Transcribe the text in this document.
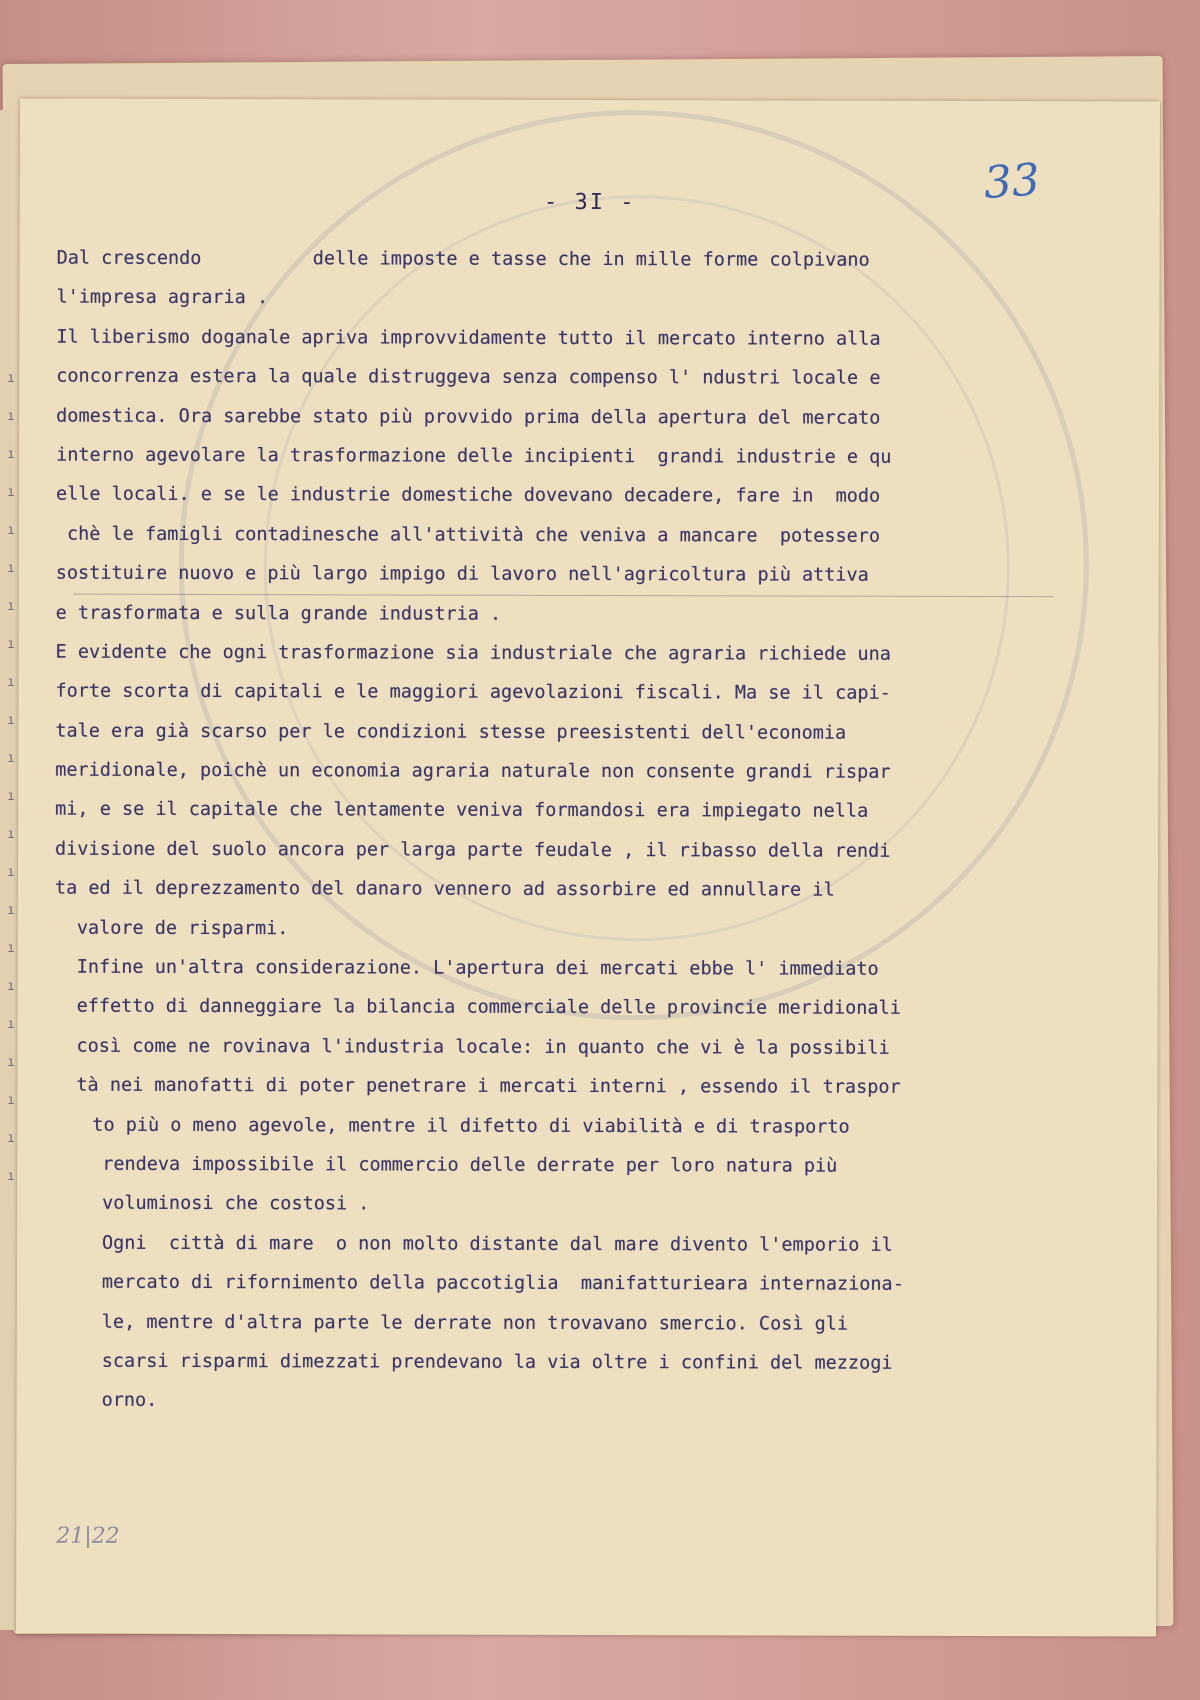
ı
ı
ı
ı
ı
ı
ı
ı
ı
ı
ı
ı
ı
ı
ı
ı
ı
ı
ı
ı
ı
ı
33
- 3I -
Dal crescendo          delle imposte e tasse che in mille forme colpivano
l'impresa agraria .
Il liberismo doganale apriva improvvidamente tutto il mercato interno alla
concorrenza estera la quale distruggeva senza compenso l' ndustri locale e
domestica. Ora sarebbe stato più provvido prima della apertura del mercato
interno agevolare la trasformazione delle incipienti  grandi industrie e qu
elle locali. e se le industrie domestiche dovevano decadere, fare in  modo
chè le famigli contadinesche all'attività che veniva a mancare  potessero
sostituire nuovo e più largo impigo di lavoro nell'agricoltura più attiva
e trasformata e sulla grande industria .
E evidente che ogni trasformazione sia industriale che agraria richiede una
forte scorta di capitali e le maggiori agevolazioni fiscali. Ma se il capi-
tale era già scarso per le condizioni stesse preesistenti dell'economia
meridionale, poichè un economia agraria naturale non consente grandi rispar
mi, e se il capitale che lentamente veniva formandosi era impiegato nella
divisione del suolo ancora per larga parte feudale , il ribasso della rendi
ta ed il deprezzamento del danaro vennero ad assorbire ed annullare il
valore de risparmi.
Infine un'altra considerazione. L'apertura dei mercati ebbe l' immediato
effetto di danneggiare la bilancia commerciale delle provincie meridionali
così come ne rovinava l'industria locale: in quanto che vi è la possibili
tà nei manofatti di poter penetrare i mercati interni , essendo il traspor
to più o meno agevole, mentre il difetto di viabilità e di trasporto
rendeva impossibile il commercio delle derrate per loro natura più
voluminosi che costosi .
Ogni  città di mare  o non molto distante dal mare divento l'emporio il
mercato di rifornimento della paccotiglia  manifatturieara internaziona-
le, mentre d'altra parte le derrate non trovavano smercio. Così gli
scarsi risparmi dimezzati prendevano la via oltre i confini del mezzogi
orno.
21|22
